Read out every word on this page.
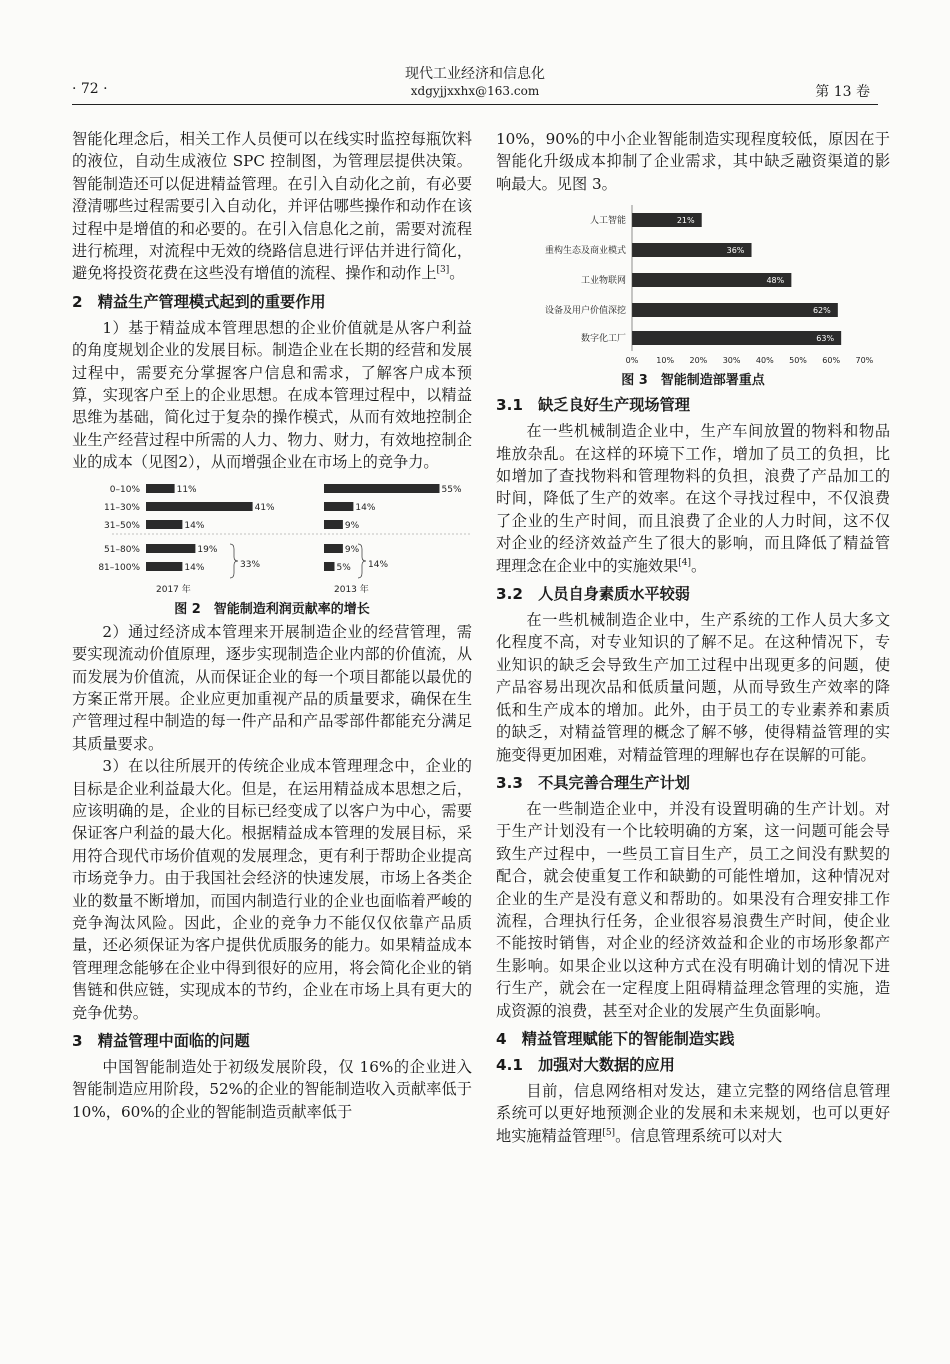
· 72 ·
现代工业经济和信息化
xdgyjjxxhx@163.com	第 13 卷

智能化理念后，相关工作人员便可以在线实时监控每瓶饮料的液位，自动生成液位 SPC 控制图，为管理层提供决策。智能制造还可以促进精益管理。在引入自动化之前，有必要澄清哪些过程需要引入自动化，并评估哪些操作和动作在该过程中是增值的和必要的。在引入信息化之前，需要对流程进行梳理，对流程中无效的绕路信息进行评估并进行简化，避免将投资花费在这些没有增值的流程、操作和动作上[3]。

2　精益生产管理模式起到的重要作用

1）基于精益成本管理思想的企业价值就是从客户利益的角度规划企业的发展目标。制造企业在长期的经营和发展过程中，需要充分掌握客户信息和需求，了解客户成本预算，实现客户至上的企业思想。在成本管理过程中，以精益思维为基础，简化过于复杂的操作模式，从而有效地控制企业生产经营过程中所需的人力、物力、财力，有效地控制企业的成本（见图2），从而增强企业在市场上的竞争力。

0–10%
11–30%
31–50%
51–80%
81–100%
11%
41%
14%
19%
14%	33%
2017 年
55%
14%
9%
9%
5% 14%
2013 年
图 2　智能制造利润贡献率的增长

2）通过经济成本管理来开展制造企业的经营管理，需要实现流动价值原理，逐步实现制造企业内部的价值流，从而发展为价值流，从而保证企业的每一个项目都能以最优的方案正常开展。企业应更加重视产品的质量要求，确保在生产管理过程中制造的每一件产品和产品零部件都能充分满足其质量要求。

3）在以往所展开的传统企业成本管理理念中，企业的目标是企业利益最大化。但是，在运用精益成本思想之后，应该明确的是，企业的目标已经变成了以客户为中心，需要保证客户利益的最大化。根据精益成本管理的发展目标，采用符合现代市场价值观的发展理念，更有利于帮助企业提高市场竞争力。由于我国社会经济的快速发展，市场上各类企业的数量不断增加，而国内制造行业的企业也面临着严峻的竞争淘汰风险。因此，企业的竞争力不能仅仅依靠产品质量，还必须保证为客户提供优质服务的能力。如果精益成本管理理念能够在企业中得到很好的应用，将会简化企业的销售链和供应链，实现成本的节约，企业在市场上具有更大的竞争优势。

3　精益管理中面临的问题

中国智能制造处于初级发展阶段，仅 16%的企业进入智能制造应用阶段，52%的企业的智能制造收入贡献率低于 10%，60%的企业的智能制造贡献率低于

10%，90%的中小企业智能制造实现程度较低，原因在于智能化升级成本抑制了企业需求，其中缺乏融资渠道的影响最大。见图 3。

人工智能	21%
重构生态及商业模式	36%
工业物联网	48%
设备及用户价值深挖	62%
数字化工厂	63%
0% 10% 20% 30% 40% 50% 60% 70%
图 3　智能制造部署重点
3.1　缺乏良好生产现场管理

在一些机械制造企业中，生产车间放置的物料和物品堆放杂乱。在这样的环境下工作，增加了员工的负担，比如增加了查找物料和管理物料的负担，浪费了产品加工的时间，降低了生产的效率。在这个寻找过程中，不仅浪费了企业的生产时间，而且浪费了企业的人力时间，这不仅对企业的经济效益产生了很大的影响，而且降低了精益管理理念在企业中的实施效果[4]。

3.2　人员自身素质水平较弱

在一些机械制造企业中，生产系统的工作人员大多文化程度不高，对专业知识的了解不足。在这种情况下，专业知识的缺乏会导致生产加工过程中出现更多的问题，使产品容易出现次品和低质量问题，从而导致生产效率的降低和生产成本的增加。此外，由于员工的专业素养和素质的缺乏，对精益管理的概念了解不够，使得精益管理的实施变得更加困难，对精益管理的理解也存在误解的可能。

3.3　不具完善合理生产计划

在一些制造企业中，并没有设置明确的生产计划。对于生产计划没有一个比较明确的方案，这一问题可能会导致生产过程中，一些员工盲目生产，员工之间没有默契的配合，就会使重复工作和缺勤的可能性增加，这种情况对企业的生产是没有意义和帮助的。如果没有合理安排工作流程，合理执行任务，企业很容易浪费生产时间，使企业不能按时销售，对企业的经济效益和企业的市场形象都产生影响。如果企业以这种方式在没有明确计划的情况下进行生产，就会在一定程度上阻碍精益理念管理的实施，造成资源的浪费，甚至对企业的发展产生负面影响。

4　精益管理赋能下的智能制造实践
4.1　加强对大数据的应用

目前，信息网络相对发达，建立完整的网络信息管理系统可以更好地预测企业的发展和未来规划，也可以更好地实施精益管理[5]。信息管理系统可以对大
